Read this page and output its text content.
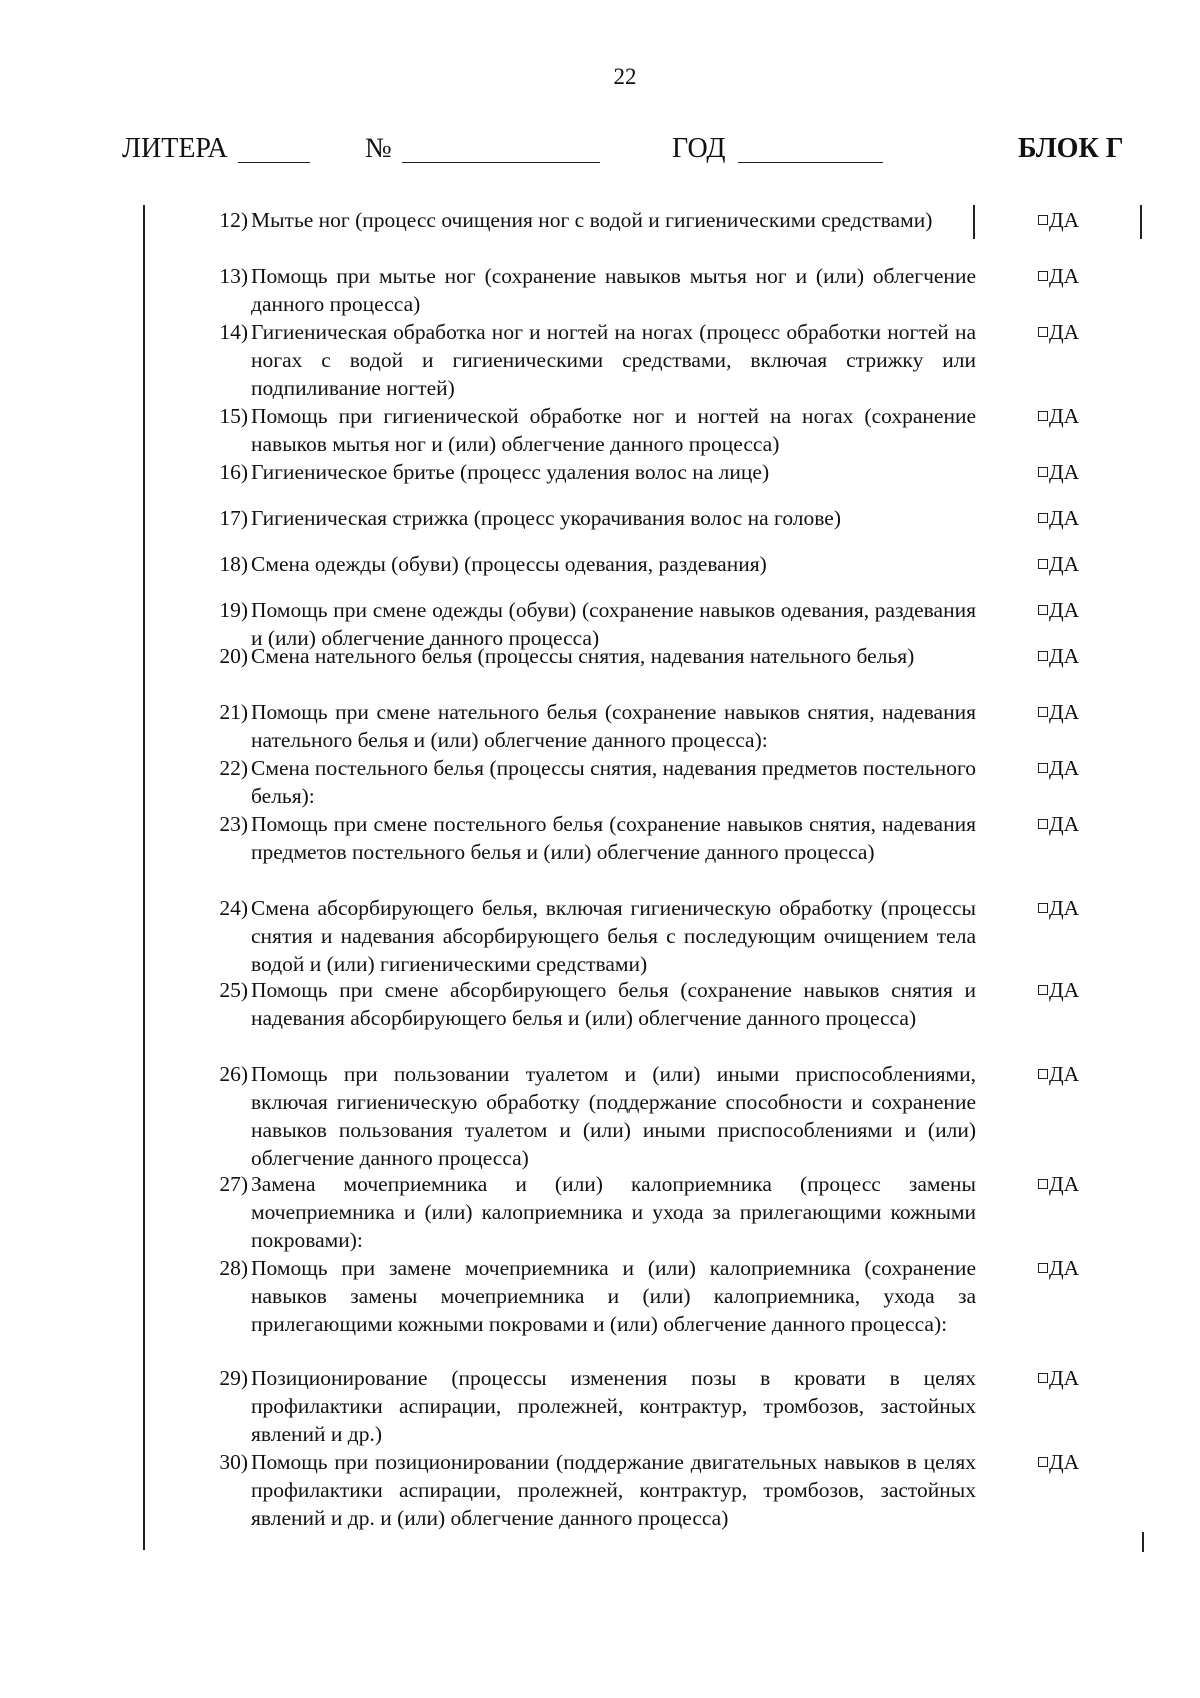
22
ЛИТЕРА	№	ГОД	БЛОК Г
12) Мытье ног (процесс очищения ног с водой и гигиеническими средствами)	ДА
13) Помощь при мытье ног (сохранение навыков мытья ног и (или) облегчение данного процесса)
ДА
14) Гигиеническая обработка ног и ногтей на ногах (процесс обработки ногтей на ногах с водой и гигиеническими средствами, включая стрижку или подпиливание ногтей)
ДА
15) Помощь при гигиенической обработке ног и ногтей на ногах (сохранение навыков мытья ног и (или) облегчение данного процесса)
ДА
16) Гигиеническое бритье (процесс удаления волос на лице)	ДА
17) Гигиеническая стрижка (процесс укорачивания волос на голове)	ДА
18) Смена одежды (обуви) (процессы одевания, раздевания)	ДА
19) Помощь при смене одежды (обуви) (сохранение навыков одевания, раздевания и (или) облегчение данного процесса)
ДА
20) Смена нательного белья (процессы снятия, надевания нательного белья)	ДА
21) Помощь при смене нательного белья (сохранение навыков снятия, надевания нательного белья и (или) облегчение данного процесса):
ДА
22) Смена постельного белья (процессы снятия, надевания предметов постельного белья):
ДА
23) Помощь при смене постельного белья (сохранение навыков снятия, надевания предметов постельного белья и (или) облегчение данного процесса)
ДА
24) Смена абсорбирующего белья, включая гигиеническую обработку (процессы снятия и надевания абсорбирующего белья с последующим очищением тела водой и (или) гигиеническими средствами)
ДА
25) Помощь при смене абсорбирующего белья (сохранение навыков снятия и надевания абсорбирующего белья и (или) облегчение данного процесса)
ДА
26) Помощь при пользовании туалетом и (или) иными приспособлениями, включая гигиеническую обработку (поддержание способности и сохранение навыков пользования туалетом и (или) иными приспособлениями и (или) облегчение данного процесса)
ДА
27) Замена мочеприемника и (или) калоприемника (процесс замены мочеприемника и (или) калоприемника и ухода за прилегающими кожными покровами):
ДА
28) Помощь при замене мочеприемника и (или) калоприемника (сохранение навыков замены мочеприемника и (или) калоприемника, ухода за прилегающими кожными покровами и (или) облегчение данного процесса):
ДА
29) Позиционирование (процессы изменения позы в кровати в целях профилактики аспирации, пролежней, контрактур, тромбозов, застойных явлений и др.)
ДА
30) Помощь при позиционировании (поддержание двигательных навыков в целях профилактики аспирации, пролежней, контрактур, тромбозов, застойных явлений и др. и (или) облегчение данного процесса)
ДА
